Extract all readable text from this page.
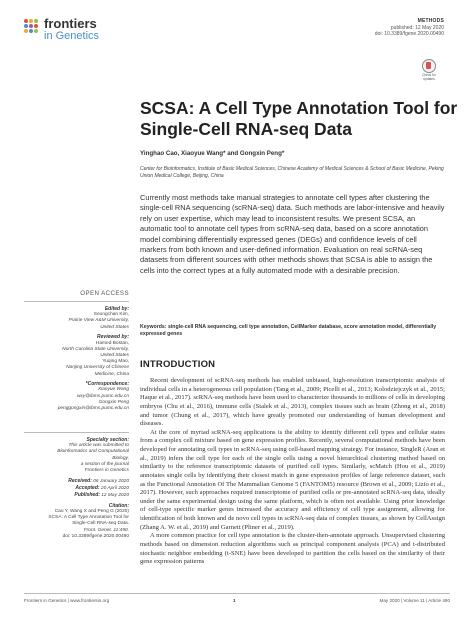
frontiers
in Genetics
METHODS
published: 12 May 2020
doi: 10.3389/fgene.2020.00490
Check for updates
SCSA: A Cell Type Annotation Tool for Single-Cell RNA-seq Data
Yinghao Cao, Xiaoyue Wang* and Gongxin Peng*
Center for Bioinformatics, Institute of Basic Medical Sciences, Chinese Academy of Medical Sciences & School of Basic Medicine, Peking Union Medical College, Beijing, China
Currently most methods take manual strategies to annotate cell types after clustering the single-cell RNA sequencing (scRNA-seq) data. Such methods are labor-intensive and heavily rely on user expertise, which may lead to inconsistent results. We present SCSA, an automatic tool to annotate cell types from scRNA-seq data, based on a score annotation model combining differentially expressed genes (DEGs) and confidence levels of cell markers from both known and user-defined information. Evaluation on real scRNA-seq datasets from different sources with other methods shows that SCSA is able to assign the cells into the correct types at a fully automated mode with a desirable precision.
Keywords: single-cell RNA sequencing, cell type annotation, CellMarker database, score annotation model, differentially expressed genes
OPEN ACCESS
Edited by:
Seungchan Kim,
Prairie View A&M University,
United States
Reviewed by:
Hamed Bostan,
North Carolina State University,
United States
Yuqing Mao,
Nanjing University of Chinese
Medicine, China
*Correspondence:
Xiaoyue Wang
wxy@ibms.pumc.edu.cn
Gongxin Peng
penggongxin@ibms.pumc.edu.cn
Specialty section:
This article was submitted to
Bioinformatics and Computational
Biology,
a section of the journal
Frontiers in Genetics
Received: 06 January 2020
Accepted: 20 April 2020
Published: 12 May 2020
Citation:
Cao Y, Wang X and Peng G (2020)
SCSA: A Cell Type Annotation Tool for
Single-Cell RNA-seq Data.
Front. Genet. 11:490.
doi: 10.3389/fgene.2020.00490
INTRODUCTION

Recent development of scRNA-seq methods has enabled unbiased, high-resolution transcriptomic analysis of individual cells in a heterogeneous cell population (Tang et al., 2009; Picelli et al., 2013; Kolodziejczyk et al., 2015; Haque et al., 2017). scRNA-seq methods have been used to characterize thousands to millions of cells in developing embryos (Chu et al., 2016), immune cells (Stalek et al., 2013), complex tissues such as brain (Zhong et al., 2018) and tumor (Chung et al., 2017), which have greatly promoted our understanding of human development and diseases.

At the core of myriad scRNA-seq applications is the ability to identify different cell types and cellular states from a complex cell mixture based on gene expression profiles. Recently, several computational methods have been developed for annotating cell types in scRNA-seq using cell-based mapping strategy. For instance, SingleR (Aran et al., 2019) infers the cell type for each of the single cells using a novel hierarchical clustering method based on similarity to the reference transcriptomic datasets of purified cell types. Similarly, scMatch (Hou et al., 2019) annotates single cells by identifying their closest match in gene expression profiles of large reference dataset, such as the Functional Annotation Of The Mammalian Genome 5 (FANTOM5) resource (Brown et al., 2009; Lizio et al., 2017). However, such approaches required transcriptome of purified cells or pre-annotated scRNA-seq data, ideally under the same experimental design using the same platform, which is often not available. Using prior knowledge of cell-type specific marker genes increased the accuracy and efficiency of cell type assignment, allowing for identification of both known and de novo cell types in scRNA-seq data of complex tissues, as shown by CellAssign (Zhang A. W. et al., 2019) and Garnett (Pliner et al., 2019).

A more common practice for cell type annotation is the cluster-then-annotate approach. Unsupervised clustering methods based on dimension reduction algorithms such as principal component analysis (PCA) and t-distributed stochastic neighbor embedding (t-SNE) have been developed to partition the cells based on the similarity of their gene expression patterns

Frontiers in Genetics | www.frontiersin.org	1	May 2020 | Volume 11 | Article 490
